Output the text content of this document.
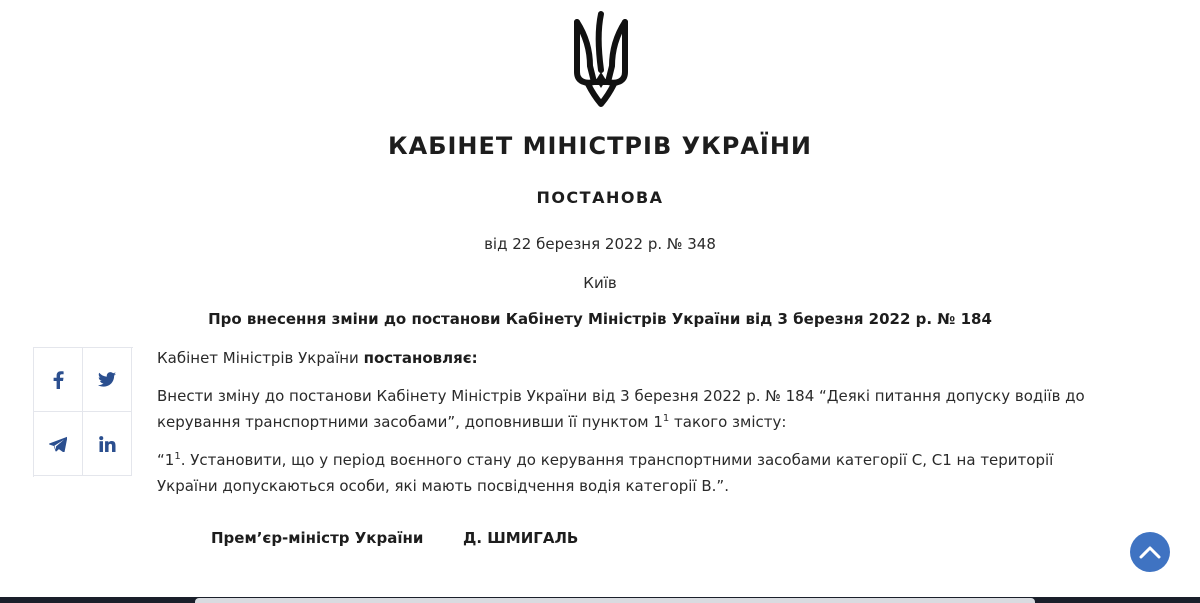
КАБІНЕТ МІНІСТРІВ УКРАЇНИ
ПОСТАНОВА
від 22 березня 2022 р. № 348
Київ
Про внесення зміни до постанови Кабінету Міністрів України від 3 березня 2022 р. № 184

Кабінет Міністрів України постановляє:

Внести зміну до постанови Кабінету Міністрів України від 3 березня 2022 р. № 184 “Деякі питання допуску водіїв до керування транспортними засобами”, доповнивши її пунктом $1^1$ такого змісту:

“$1^1$. Установити, що у період воєнного стану до керування транспортними засобами категорії C, C1 на території України допускаються особи, які мають посвідчення водія категорії B.”.

Прем’єр-міністр України	Д. ШМИГАЛЬ
